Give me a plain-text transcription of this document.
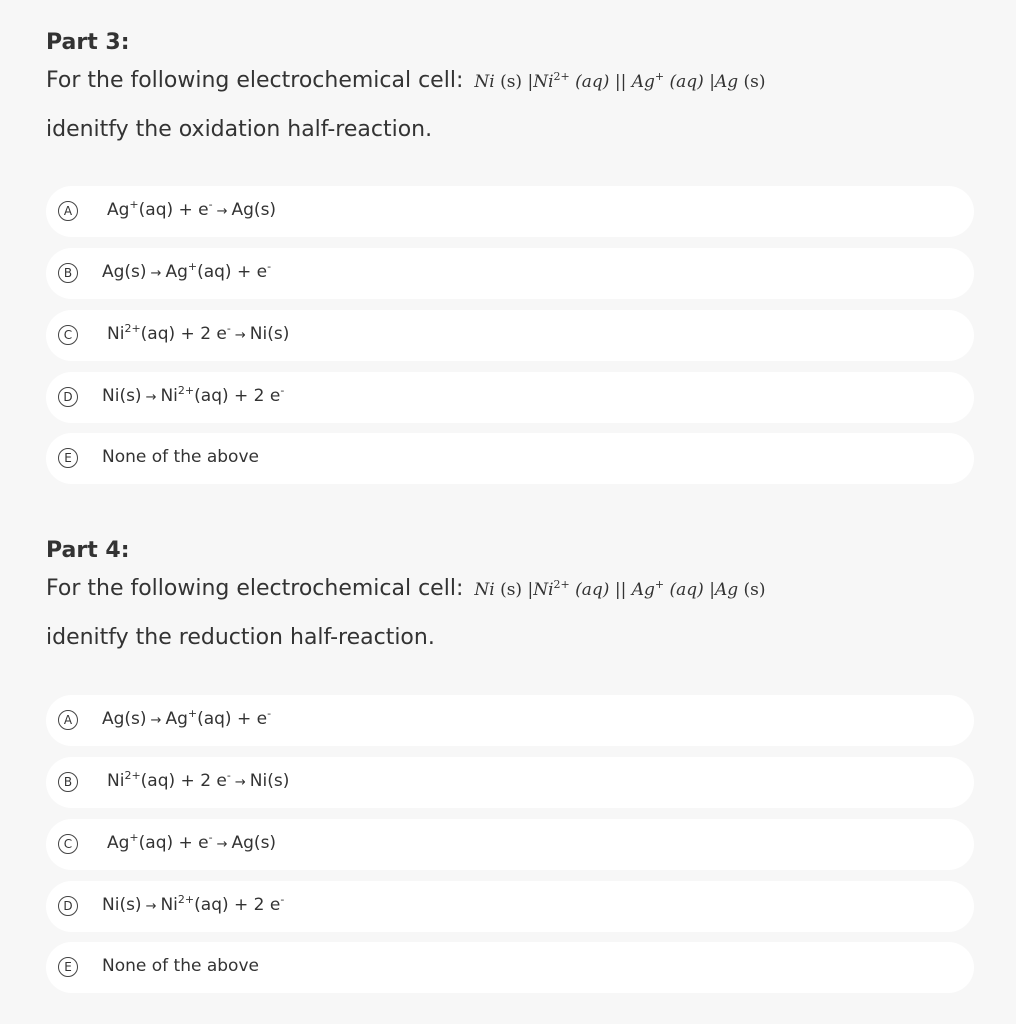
Part 3:
For the following electrochemical cell: Ni (s) $|Ni^{2+}$ (aq) || Ag+ (aq) |Ag (s)
idenitfy the oxidation half-reaction.
A	Ag+(aq) + e- → Ag(s)
B	Ag(s) → Ag+(aq) + e-
C	$Ni^{2+}(aq) + 2$ e- → Ni(s)
D	$Ni(s) \to Ni^{2+}(aq) + 2$ e-
E	None of the above
Part 4:
For the following electrochemical cell: Ni (s) $|Ni^{2+}$ (aq) || Ag+ (aq) |Ag (s)
idenitfy the reduction half-reaction.
A	Ag(s) → Ag+(aq) + e-
B	$Ni^{2+}(aq) + 2$ e- → Ni(s)
C	Ag+(aq) + e- → Ag(s)
D	$Ni(s) \to Ni^{2+}(aq) + 2$ e-
E	None of the above
